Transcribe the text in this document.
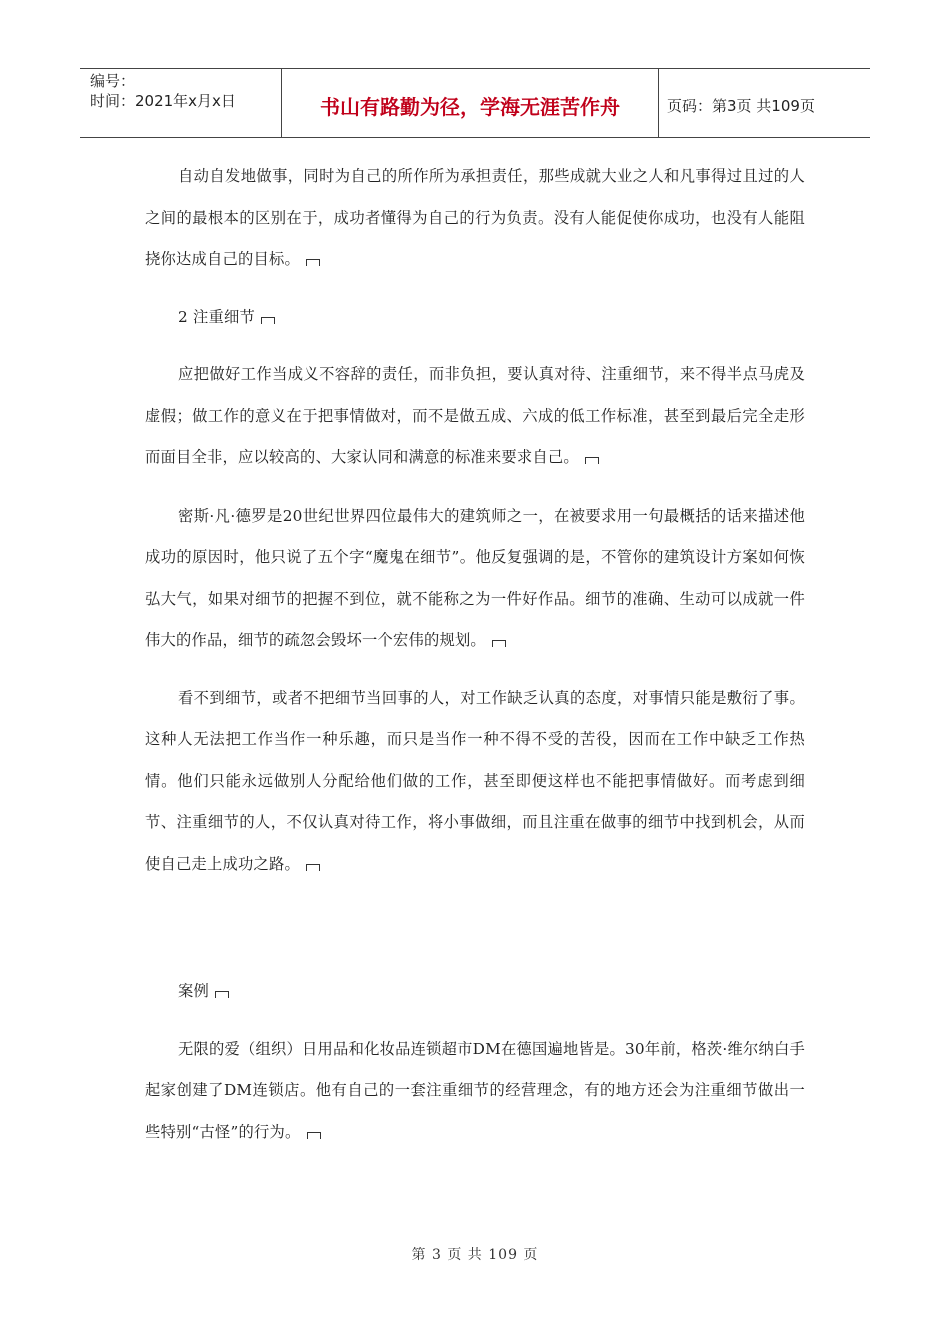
编号：
时间：2021年x月x日	书山有路勤为径，学海无涯苦作舟	页码：第3页 共109页

自动自发地做事，同时为自己的所作所为承担责任，那些成就大业之人和凡事得过且过的人之间的最根本的区别在于，成功者懂得为自己的行为负责。没有人能促使你成功，也没有人能阻挠你达成自己的目标。

2 注重细节

应把做好工作当成义不容辞的责任，而非负担，要认真对待、注重细节，来不得半点马虎及虚假；做工作的意义在于把事情做对，而不是做五成、六成的低工作标准，甚至到最后完全走形而面目全非，应以较高的、大家认同和满意的标准来要求自己。

密斯·凡·德罗是20世纪世界四位最伟大的建筑师之一，在被要求用一句最概括的话来描述他成功的原因时，他只说了五个字“魔鬼在细节”。他反复强调的是，不管你的建筑设计方案如何恢弘大气，如果对细节的把握不到位，就不能称之为一件好作品。细节的准确、生动可以成就一件伟大的作品，细节的疏忽会毁坏一个宏伟的规划。

看不到细节，或者不把细节当回事的人，对工作缺乏认真的态度，对事情只能是敷衍了事。这种人无法把工作当作一种乐趣，而只是当作一种不得不受的苦役，因而在工作中缺乏工作热情。他们只能永远做别人分配给他们做的工作，甚至即便这样也不能把事情做好。而考虑到细节、注重细节的人，不仅认真对待工作，将小事做细，而且注重在做事的细节中找到机会，从而使自己走上成功之路。

案例

无限的爱（组织）日用品和化妆品连锁超市DM在德国遍地皆是。30年前，格茨·维尔纳白手起家创建了DM连锁店。他有自己的一套注重细节的经营理念，有的地方还会为注重细节做出一些特别“古怪”的行为。

第 3 页 共 109 页
